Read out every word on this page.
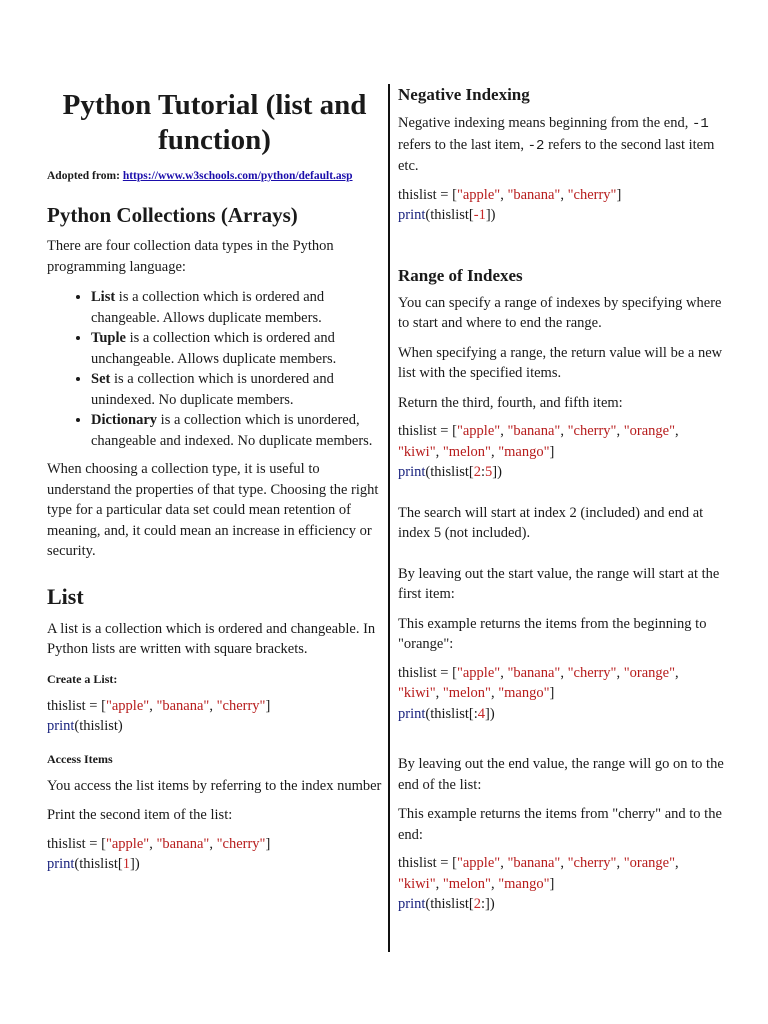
Python Tutorial (list and function)
Adopted from: https://www.w3schools.com/python/default.asp
Python Collections (Arrays)

There are four collection data types in the Python programming language:

• List is a collection which is ordered and changeable. Allows duplicate members.
• Tuple is a collection which is ordered and unchangeable. Allows duplicate members.
• Set is a collection which is unordered and unindexed. No duplicate members.
• Dictionary is a collection which is unordered, changeable and indexed. No duplicate members.

When choosing a collection type, it is useful to understand the properties of that type. Choosing the right type for a particular data set could mean retention of meaning, and, it could mean an increase in efficiency or security.

List

A list is a collection which is ordered and changeable. In Python lists are written with square brackets.

Create a List:
thislist = ["apple", "banana", "cherry"]
print(thislist)
Access Items

You access the list items by referring to the index number

Print the second item of the list:

thislist = ["apple", "banana", "cherry"]
print(thislist[1])
Negative Indexing

Negative indexing means beginning from the end, -1 refers to the last item, -2 refers to the second last item etc.

thislist = ["apple", "banana", "cherry"]
print(thislist[-1])
Range of Indexes

You can specify a range of indexes by specifying where to start and where to end the range.

When specifying a range, the return value will be a new list with the specified items.

Return the third, fourth, and fifth item:

thislist = ["apple", "banana", "cherry", "orange",
"kiwi", "melon", "mango"]
print(thislist[2:5])

The search will start at index 2 (included) and end at index 5 (not included).

By leaving out the start value, the range will start at the first item:

This example returns the items from the beginning to "orange":

thislist = ["apple", "banana", "cherry", "orange",
"kiwi", "melon", "mango"]
print(thislist[:4])

By leaving out the end value, the range will go on to the end of the list:

This example returns the items from "cherry" and to the end:

thislist = ["apple", "banana", "cherry", "orange",
"kiwi", "melon", "mango"]
print(thislist[2:])
